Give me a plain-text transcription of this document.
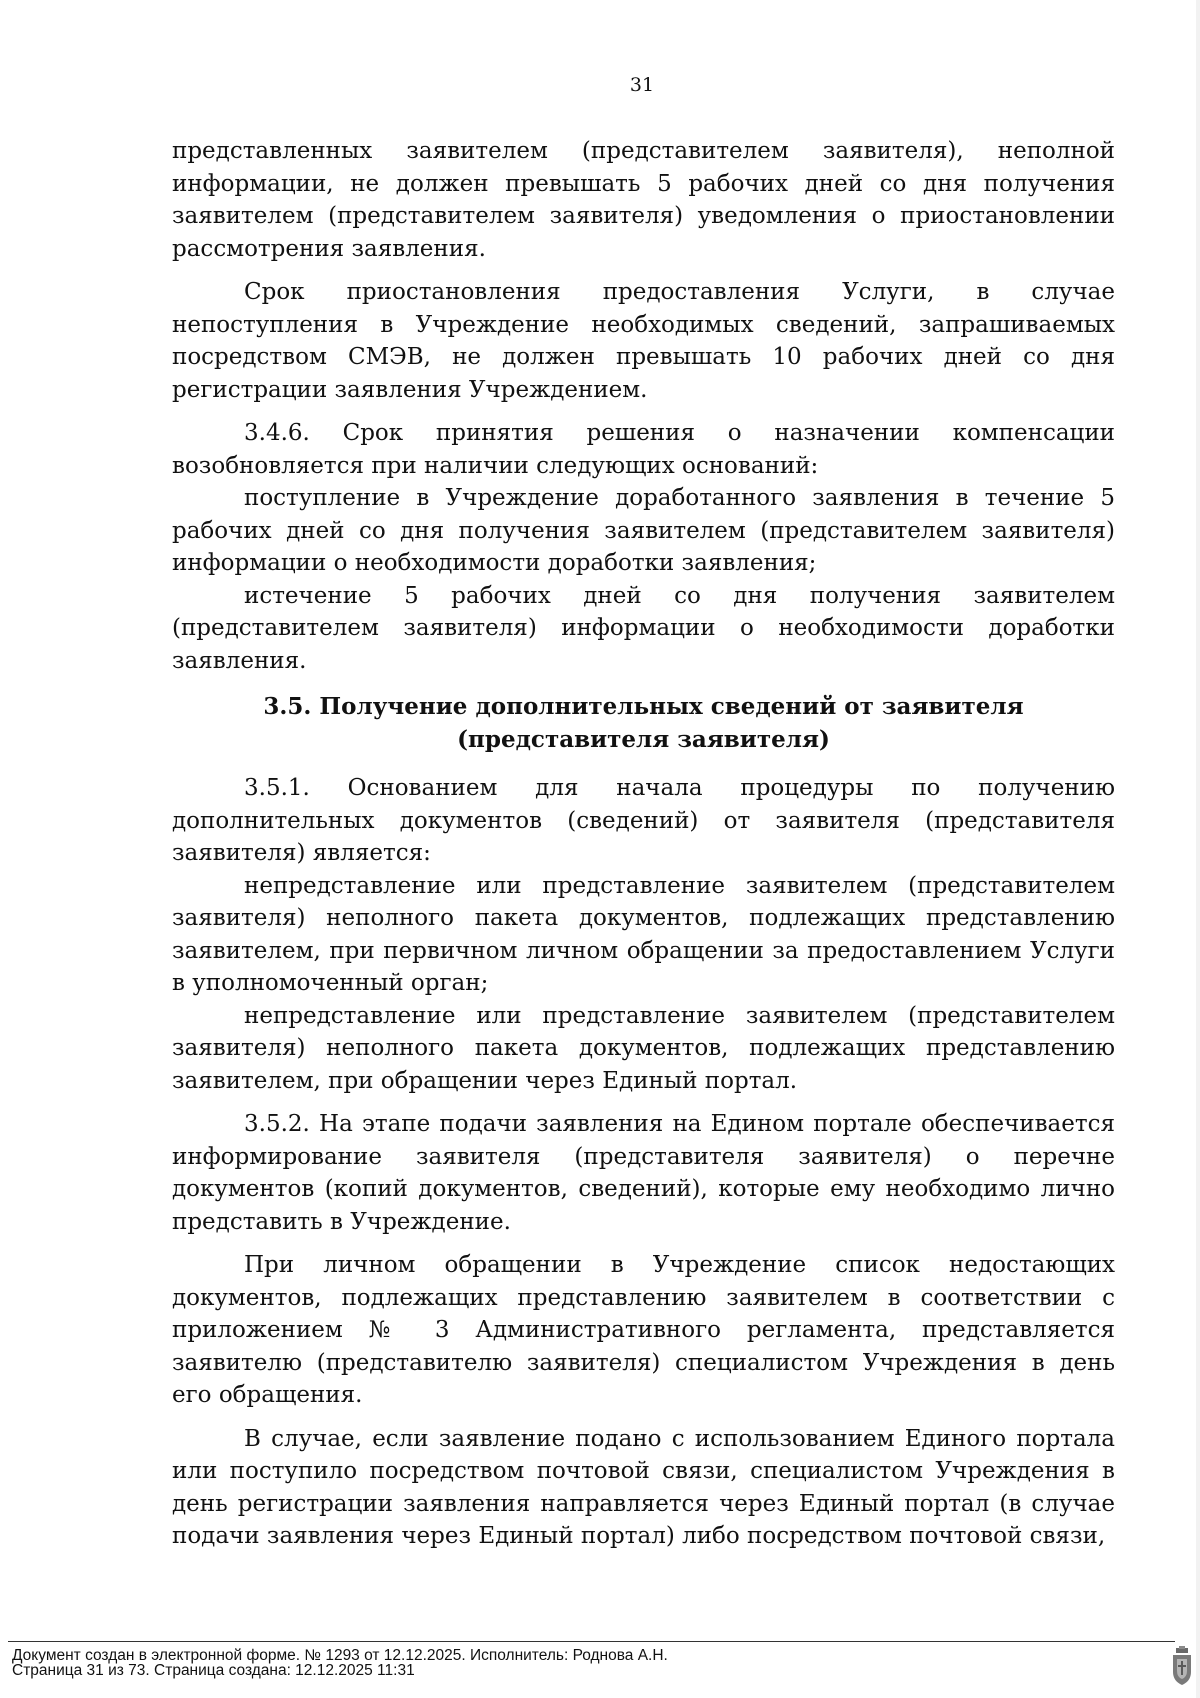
31

представленных заявителем (представителем заявителя), неполной информации, не должен превышать 5 рабочих дней со дня получения заявителем (представителем заявителя) уведомления о приостановлении рассмотрения заявления.

Срок приостановления предоставления Услуги, в случае непоступления в Учреждение необходимых сведений, запрашиваемых посредством СМЭВ, не должен превышать 10 рабочих дней со дня регистрации заявления Учреждением.

3.4.6. Срок принятия решения о назначении компенсации возобновляется при наличии следующих оснований:

поступление в Учреждение доработанного заявления в течение 5 рабочих дней со дня получения заявителем (представителем заявителя) информации о необходимости доработки заявления;

истечение 5 рабочих дней со дня получения заявителем (представителем заявителя) информации о необходимости доработки заявления.

3.5. Получение дополнительных сведений от заявителя (представителя заявителя)

3.5.1. Основанием для начала процедуры по получению дополнительных документов (сведений) от заявителя (представителя заявителя) является:

непредставление или представление заявителем (представителем заявителя) неполного пакета документов, подлежащих представлению заявителем, при первичном личном обращении за предоставлением Услуги в уполномоченный орган;

непредставление или представление заявителем (представителем заявителя) неполного пакета документов, подлежащих представлению заявителем, при обращении через Единый портал.

3.5.2. На этапе подачи заявления на Едином портале обеспечивается информирование заявителя (представителя заявителя) о перечне документов (копий документов, сведений), которые ему необходимо лично представить в Учреждение.

При личном обращении в Учреждение список недостающих документов, подлежащих представлению заявителем в соответствии с приложением № 3 Административного регламента, представляется заявителю (представителю заявителя) специалистом Учреждения в день его обращения.

В случае, если заявление подано с использованием Единого портала или поступило посредством почтовой связи, специалистом Учреждения в день регистрации заявления направляется через Единый портал (в случае подачи заявления через Единый портал) либо посредством почтовой связи,

Документ создан в электронной форме. № 1293 от 12.12.2025. Исполнитель: Роднова А.Н.
Страница 31 из 73. Страница создана: 12.12.2025 11:31
